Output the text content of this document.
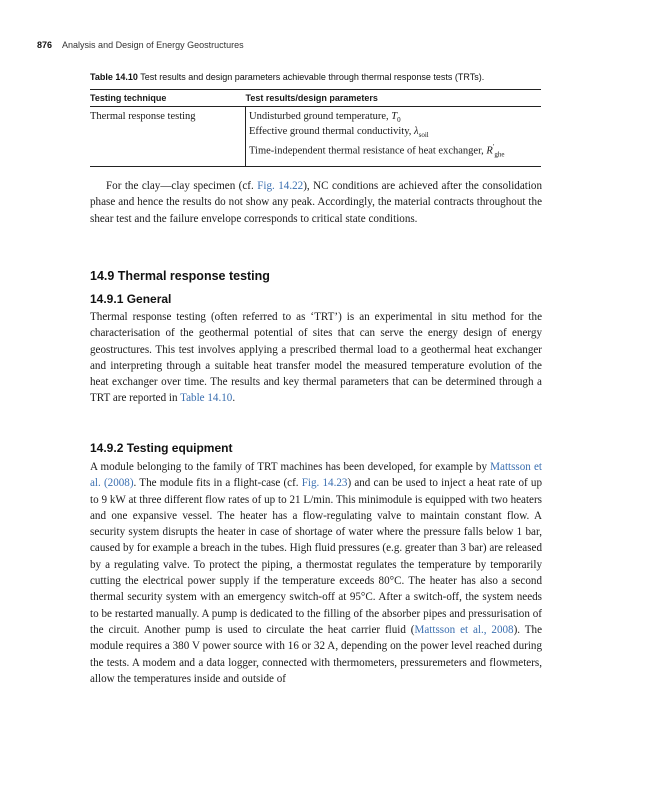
876 Analysis and Design of Energy Geostructures
Table 14.10 Test results and design parameters achievable through thermal response tests (TRTs).
Testing technique	Test results/design parameters
Thermal response testing	Undisturbed ground temperature, $T_0$
Effective ground thermal conductivity, $\lambda_{soil}$
Time-independent thermal resistance of heat exchanger, $R'_{ghe}$

For the clay—clay specimen (cf. Fig. 14.22), NC conditions are achieved after the consolidation phase and hence the results do not show any peak. Accordingly, the material contracts throughout the shear test and the failure envelope corresponds to critical state conditions.

14.9 Thermal response testing
14.9.1 General

Thermal response testing (often referred to as ‘TRT’) is an experimental in situ method for the characterisation of the geothermal potential of sites that can serve the energy design of energy geostructures. This test involves applying a prescribed thermal load to a geothermal heat exchanger and interpreting through a suitable heat transfer model the measured temperature evolution of the heat exchanger over time. The results and key thermal parameters that can be determined through a TRT are reported in Table 14.10.

14.9.2 Testing equipment

A module belonging to the family of TRT machines has been developed, for example by Mattsson et al. (2008). The module fits in a flight-case (cf. Fig. 14.23) and can be used to inject a heat rate of up to 9 kW at three different flow rates of up to 21 L/min. This minimodule is equipped with two heaters and one expansive vessel. The heater has a flow-regulating valve to maintain constant flow. A security system disrupts the heater in case of shortage of water where the pressure falls below 1 bar, caused by for example a breach in the tubes. High fluid pressures (e.g. greater than 3 bar) are released by a regulating valve. To protect the piping, a thermostat regulates the temperature by temporarily cutting the electrical power supply if the temperature exceeds 80°C. The heater has also a second thermal security system with an emergency switch-off at 95°C. After a switch-off, the system needs to be restarted manually. A pump is dedicated to the filling of the absorber pipes and pressurisation of the circuit. Another pump is used to circulate the heat carrier fluid (Mattsson et al., 2008). The module requires a 380 V power source with 16 or 32 A, depending on the power level reached during the tests. A modem and a data logger, connected with thermometers, pressuremeters and flowmeters, allow the temperatures inside and outside of
